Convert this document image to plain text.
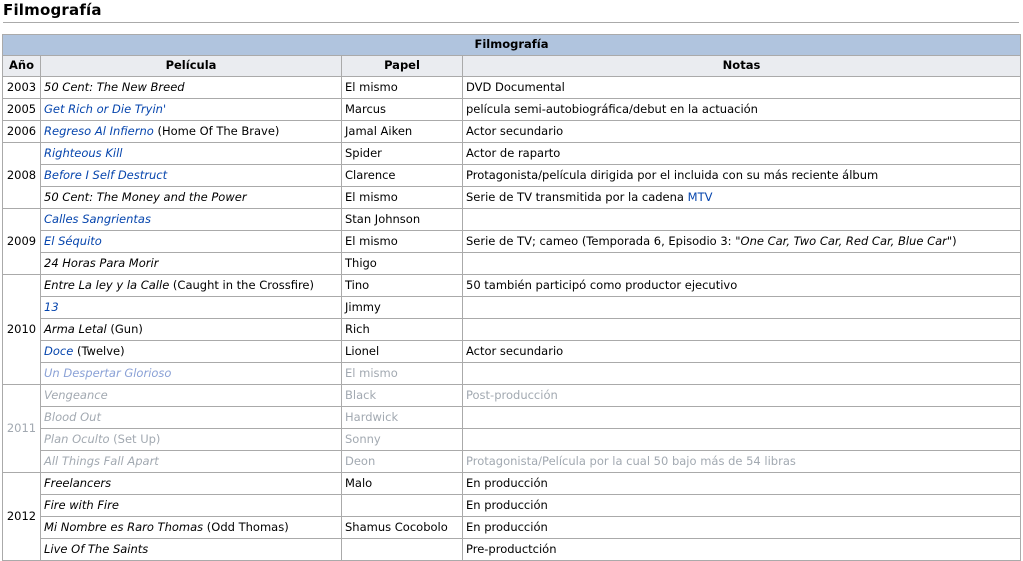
Filmografía
Filmografía			
Año	Película	Papel	Notas
2003	50 Cent: The New Breed	El mismo	DVD Documental
2005	Get Rich or Die Tryin'	Marcus	película semi-autobiográfica/debut en la actuación
2006	Regreso Al Infierno (Home Of The Brave)	Jamal Aiken	Actor secundario
2008	Righteous Kill	Spider	Actor de raparto
	Before I Self Destruct	Clarence	Protagonista/película dirigida por el incluida con su más reciente álbum
	50 Cent: The Money and the Power	El mismo	Serie de TV transmitida por la cadena MTV
2009	Calles Sangrientas	Stan Johnson	
	El Séquito	El mismo	Serie de TV; cameo (Temporada 6, Episodio 3: "One Car, Two Car, Red Car, Blue Car")
	24 Horas Para Morir	Thigo	
2010	Entre La ley y la Calle (Caught in the Crossfire)	Tino	50 también participó como productor ejecutivo
	13	Jimmy	
	Arma Letal (Gun)	Rich	
	Doce (Twelve)	Lionel	Actor secundario
	Un Despertar Glorioso	El mismo	
2011	Vengeance	Black	Post-producción
	Blood Out	Hardwick	
	Plan Oculto (Set Up)	Sonny	
	All Things Fall Apart	Deon	Protagonista/Película por la cual 50 bajo más de 54 libras
2012	Freelancers	Malo	En producción
	Fire with Fire		En producción
	Mi Nombre es Raro Thomas (Odd Thomas)	Shamus Cocobolo	En producción
	Live Of The Saints		Pre-productción
